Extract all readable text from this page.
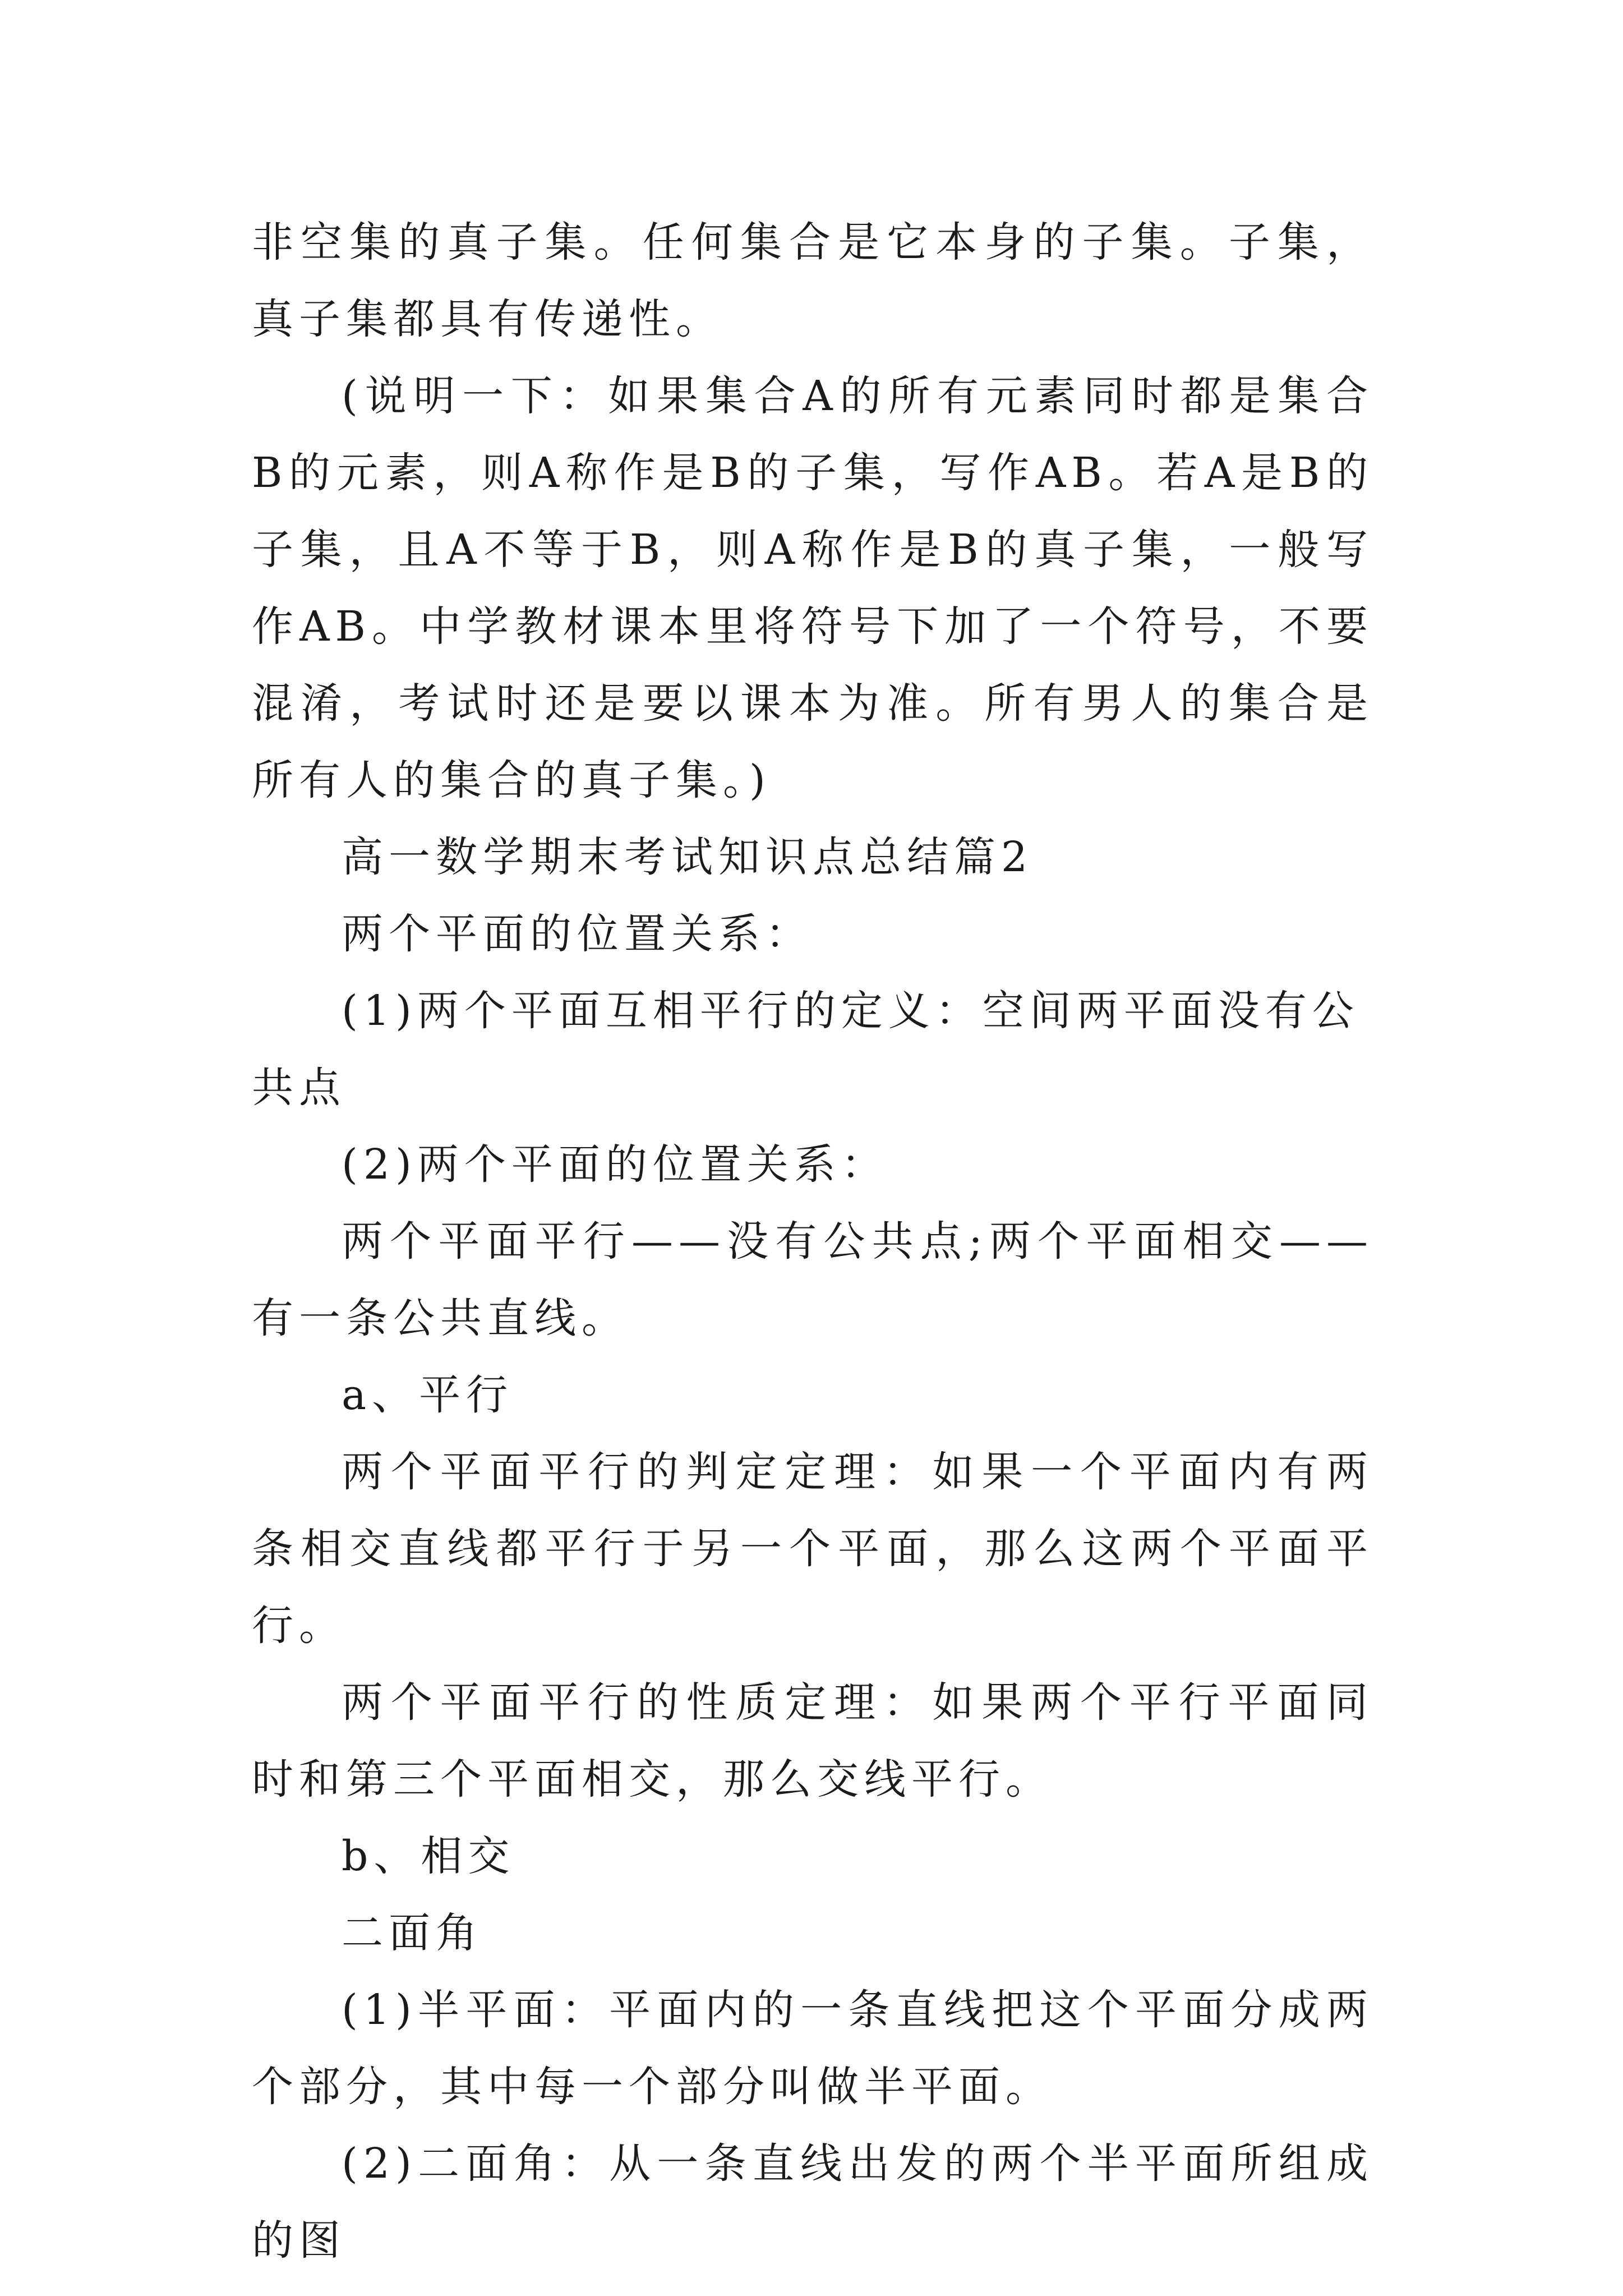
非空集的真子集。任何集合是它本身的子集。子集，真子集都具有传递性。

(说明一下：如果集合A的所有元素同时都是集合B的元素，则A称作是B的子集，写作AB。若A是B的子集，且A不等于B，则A称作是B的真子集，一般写作AB。中学教材课本里将符号下加了一个符号，不要混淆，考试时还是要以课本为准。所有男人的集合是所有人的集合的真子集。)

高一数学期末考试知识点总结篇2

两个平面的位置关系：

(1)两个平面互相平行的定义：空间两平面没有公共点

(2)两个平面的位置关系：

两个平面平行——没有公共点;两个平面相交——有一条公共直线。

a、平行

两个平面平行的判定定理：如果一个平面内有两条相交直线都平行于另一个平面，那么这两个平面平行。

两个平面平行的性质定理：如果两个平行平面同时和第三个平面相交，那么交线平行。

b、相交

二面角

(1)半平面：平面内的一条直线把这个平面分成两个部分，其中每一个部分叫做半平面。

(2)二面角：从一条直线出发的两个半平面所组成的图
